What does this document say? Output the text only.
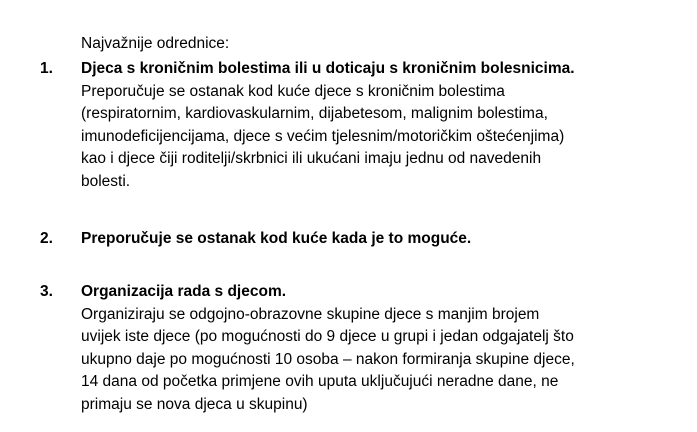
Najvažnije odrednice:
1. Djeca s kroničnim bolestima ili u doticaju s kroničnim bolesnicima.
Preporučuje se ostanak kod kuće djece s kroničnim bolestima
(respiratornim, kardiovaskularnim, dijabetesom, malignim bolestima,
imunodeficijencijama, djece s većim tjelesnim/motoričkim oštećenjima)
kao i djece čiji roditelji/skrbnici ili ukućani imaju jednu od navedenih
bolesti.
2. Preporučuje se ostanak kod kuće kada je to moguće.
3. Organizacija rada s djecom.
Organiziraju se odgojno-obrazovne skupine djece s manjim brojem
uvijek iste djece (po mogućnosti do 9 djece u grupi i jedan odgajatelj što
ukupno daje po mogućnosti 10 osoba – nakon formiranja skupine djece,
14 dana od početka primjene ovih uputa uključujući neradne dane, ne
primaju se nova djeca u skupinu)
